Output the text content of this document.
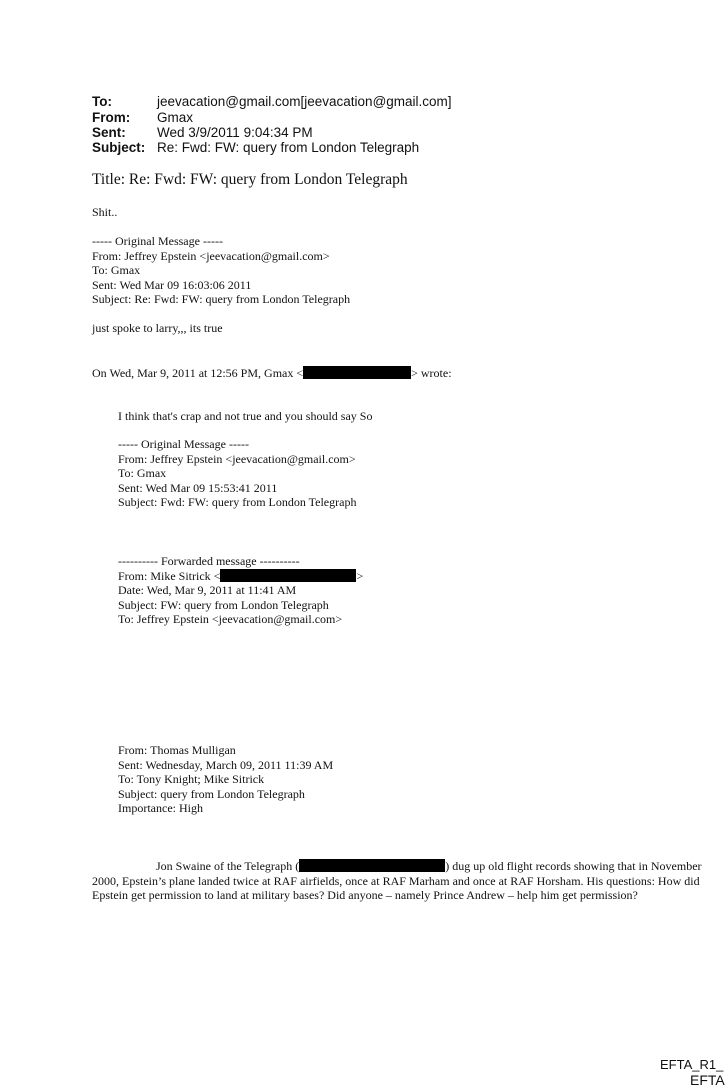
To:	jeevacation@gmail.com[jeevacation@gmail.com]
From: Gmax
Sent: Wed 3/9/2011 9:04:34 PM
Subject: Re: Fwd: FW: query from London Telegraph
Title: Re: Fwd: FW: query from London Telegraph
Shit..
----- Original Message -----
From: Jeffrey Epstein <jeevacation@gmail.com>
To: Gmax
Sent: Wed Mar 09 16:03:06 2011
Subject: Re: Fwd: FW: query from London Telegraph
just spoke to larry,,, its true
On Wed, Mar 9, 2011 at 12:56 PM, Gmax <	> wrote:
I think that's crap and not true and you should say So
----- Original Message -----
From: Jeffrey Epstein <jeevacation@gmail.com>
To: Gmax
Sent: Wed Mar 09 15:53:41 2011
Subject: Fwd: FW: query from London Telegraph
---------- Forwarded message ----------
From: Mike Sitrick <	>
Date: Wed, Mar 9, 2011 at 11:41 AM
Subject: FW: query from London Telegraph
To: Jeffrey Epstein <jeevacation@gmail.com>
From: Thomas Mulligan
Sent: Wednesday, March 09, 2011 11:39 AM
To: Tony Knight; Mike Sitrick
Subject: query from London Telegraph
Importance: High
Jon Swaine of the Telegraph (	) dug up old flight records showing that in November 2000, Epstein’s plane landed twice at RAF airfields, once at RAF Marham and once at RAF Horsham. His questions: How did Epstein get permission to land at military bases? Did anyone – namely Prince Andrew – help him get permission?
EFTA_R1_
EFTA
